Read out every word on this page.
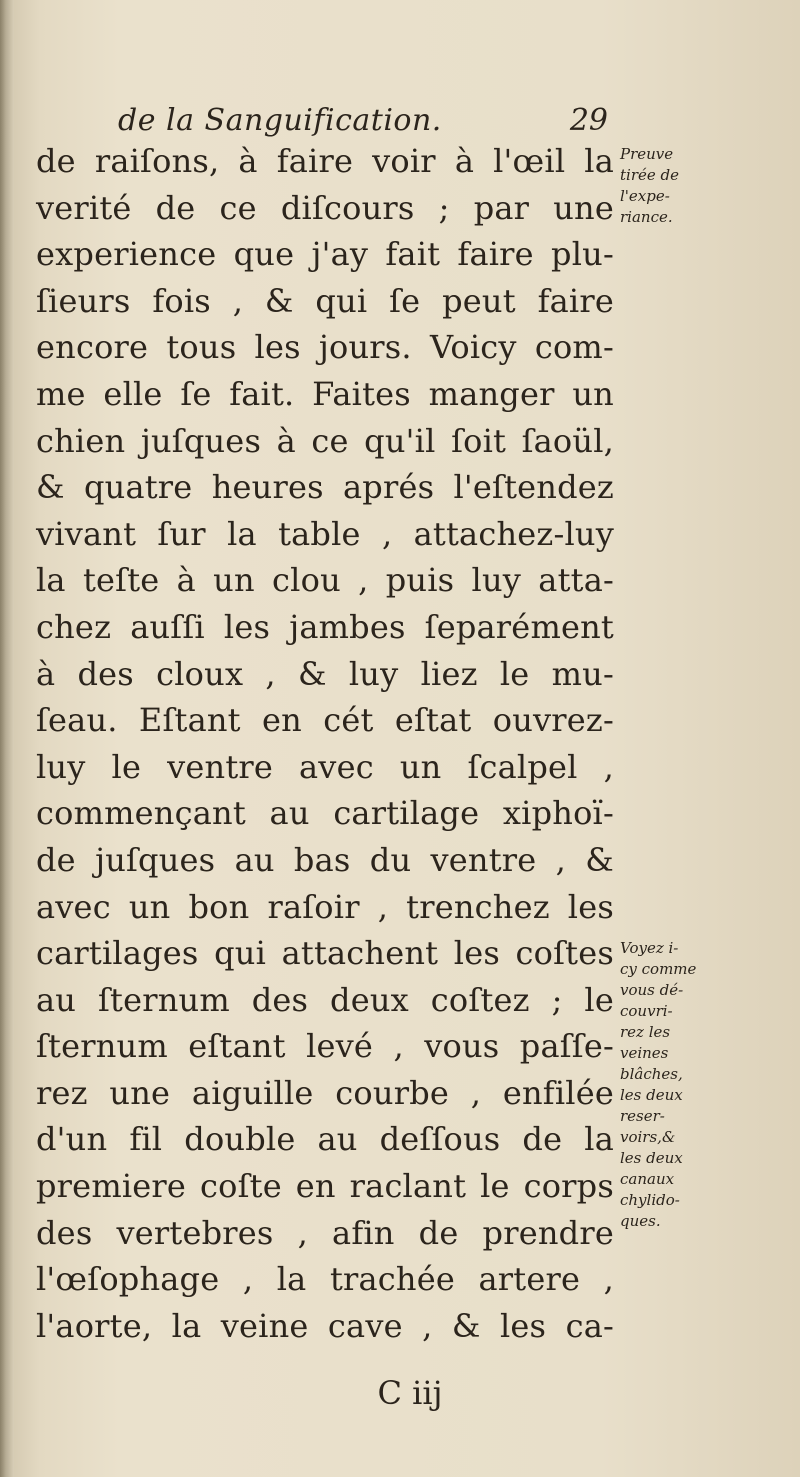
de la Sanguification.	29
de raiſons, à faire voir à l'œil la
verité de ce diſcours ; par une
experience que j'ay fait faire plu-
ſieurs fois , & qui ſe peut faire
encore tous les jours. Voicy com-
me elle ſe fait. Faites manger un
chien juſques à ce qu'il ſoit ſaoül,
& quatre heures aprés l'eſtendez
vivant ſur la table , attachez-luy
la teſte à un clou , puis luy atta-
chez auſſi les jambes ſeparément
à des cloux , & luy liez le mu-
ſeau. Eſtant en cét eſtat ouvrez-
luy le ventre avec un ſcalpel ,
commençant au cartilage xiphoï-
de juſques au bas du ventre , &
avec un bon raſoir , trenchez les
cartilages qui attachent les coſtes
au ſternum des deux coſtez ; le
ſternum eſtant levé , vous paſſe-
rez une aiguille courbe , enfilée
d'un fil double au deſſous de la
premiere coſte en raclant le corps
des vertebres , afin de prendre
l'œſophage , la trachée artere ,
l'aorte, la veine cave , & les ca-
Preuve
tirée de
l'expe-
riance.
Voyez i-
cy comme
vous dé-
couvri-
rez les
veines
blâches,
les deux
reser-
voirs,&
les deux
canaux
chylido-
ques.
C iij
